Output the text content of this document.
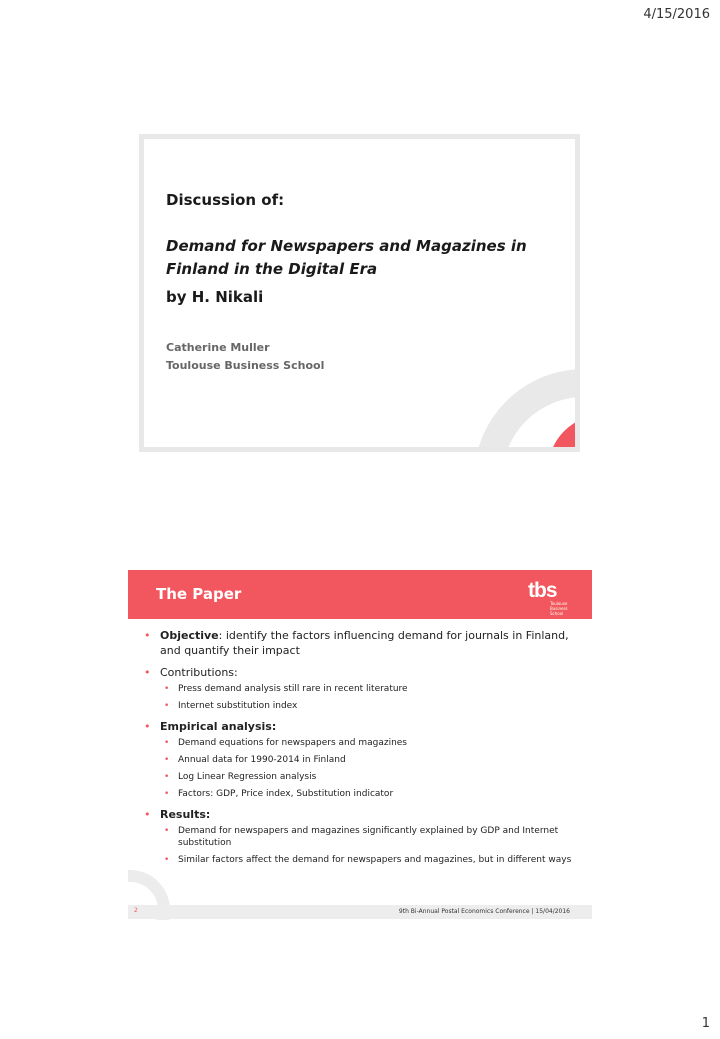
4/15/2016
Discussion of:
Demand for Newspapers and Magazines in
Finland in the Digital Era
by H. Nikali
Catherine Muller
Toulouse Business School
The Paper	tbs
Toulouse Business School
• Objective: identify the factors influencing demand for journals in Finland, and quantify their impact
• Contributions:
• Press demand analysis still rare in recent literature
• Internet substitution index
• Empirical analysis:
• Demand equations for newspapers and magazines
• Annual data for 1990-2014 in Finland
• Log Linear Regression analysis
• Factors: GDP, Price index, Substitution indicator
• Results:
• Demand for newspapers and magazines significantly explained by GDP and Internet substitution
• Similar factors affect the demand for newspapers and magazines, but in different ways
2	9th Bi-Annual Postal Economics Conference | 15/04/2016
1
